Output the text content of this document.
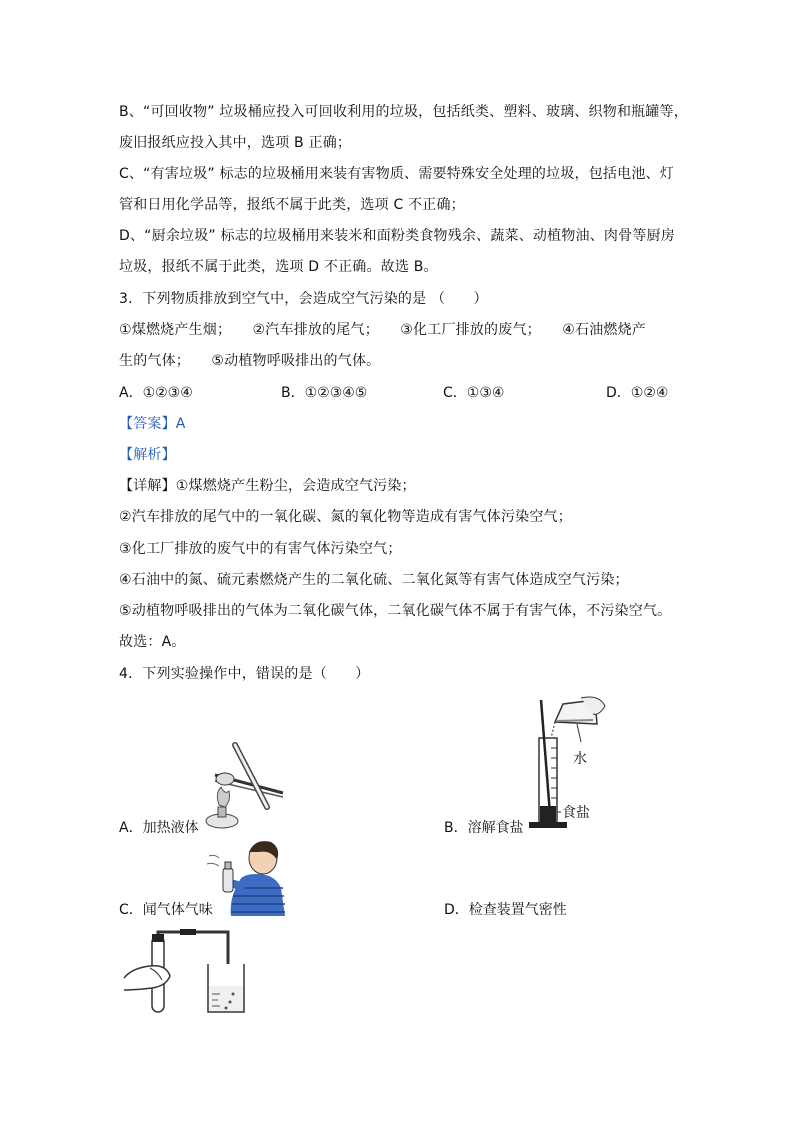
B、“可回收物” 垃圾桶应投入可回收利用的垃圾，包括纸类、塑料、玻璃、织物和瓶罐等，
废旧报纸应投入其中，选项 B 正确；
C、“有害垃圾” 标志的垃圾桶用来装有害物质、需要特殊安全处理的垃圾，包括电池、灯
管和日用化学品等，报纸不属于此类，选项 C 不正确；
D、“厨余垃圾” 标志的垃圾桶用来装米和面粉类食物残余、蔬菜、动植物油、肉骨等厨房
垃圾，报纸不属于此类，选项 D 不正确。故选 B。
3．下列物质排放到空气中，会造成空气污染的是 （　　）
①煤燃烧产生烟；　　②汽车排放的尾气；　　③化工厂排放的废气；　　④石油燃烧产
生的气体；　　⑤动植物呼吸排出的气体。
A．①②③④	B．①②③④⑤	C．①③④	D．①②④
【答案】A
【解析】
【详解】①煤燃烧产生粉尘，会造成空气污染；
②汽车排放的尾气中的一氧化碳、氮的氧化物等造成有害气体污染空气；
③化工厂排放的废气中的有害气体污染空气；
④石油中的氮、硫元素燃烧产生的二氧化硫、二氧化氮等有害气体造成空气污染；
⑤动植物呼吸排出的气体为二氧化碳气体，二氧化碳气体不属于有害气体，不污染空气。
故选：A。
4．下列实验操作中，错误的是（　　）
A．加热液体
水
食盐
B．溶解食盐
C．闻气体气味	D．检查装置气密性
